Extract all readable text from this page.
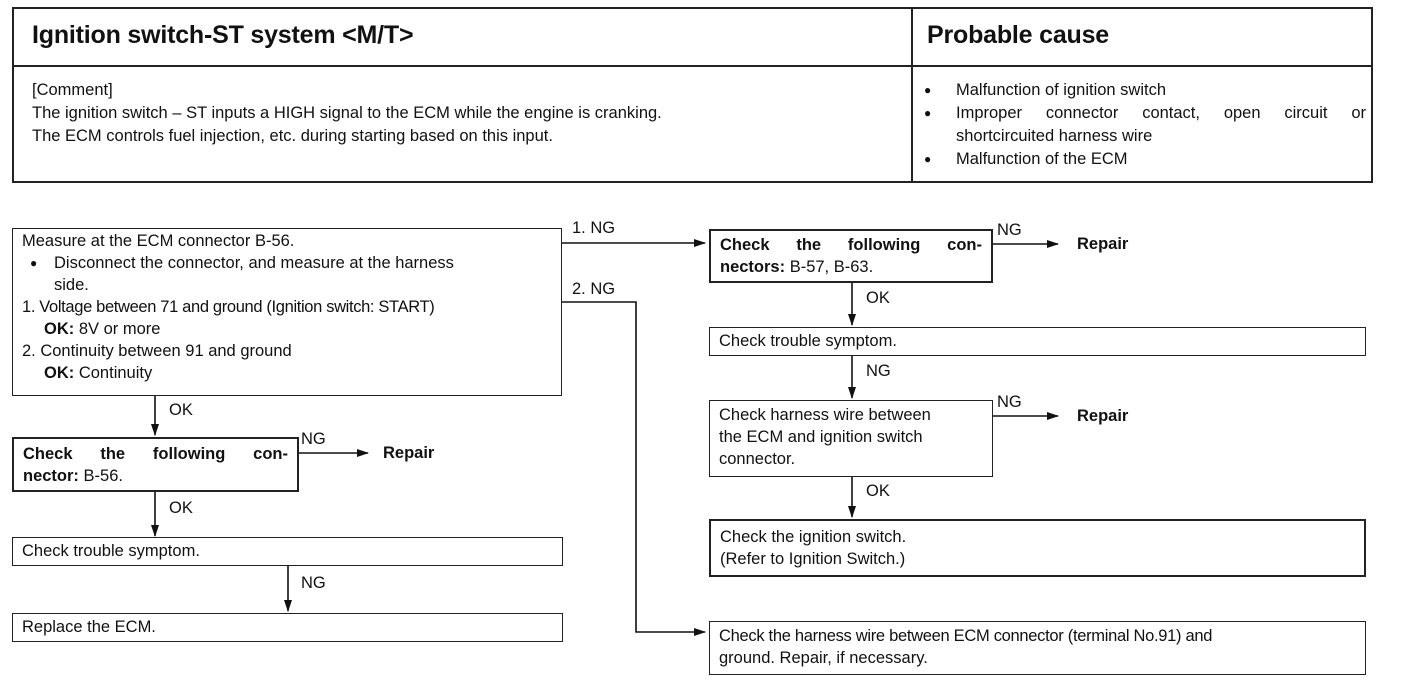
Ignition switch-ST system <M/T>	Probable cause
[Comment]
The ignition switch – ST inputs a HIGH signal to the ECM while the engine is cranking.
The ECM controls fuel injection, etc. during starting based on this input.
● Malfunction of ignition switch
● Improper connector contact, open circuit or
shortcircuited harness wire
● Malfunction of the ECM
Measure at the ECM connector B-56.
● Disconnect the connector, and measure at the harness
side.
1. Voltage between 71 and ground (Ignition switch: START)
OK: 8V or more
2. Continuity between 91 and ground
OK: Continuity
Check the following con-
nector: B-56.
Check trouble symptom.
Replace the ECM.
Check the following con-
nectors: B-57, B-63.
Check trouble symptom.
Check harness wire between
the ECM and ignition switch
connector.
Check the ignition switch.
(Refer to Ignition Switch.)
Check the harness wire between ECM connector (terminal No.91) and
ground. Repair, if necessary.
1. NG
2. NG
OK
NG
Repair
OK
NG
NG
Repair
OK
NG
NG
Repair
OK
